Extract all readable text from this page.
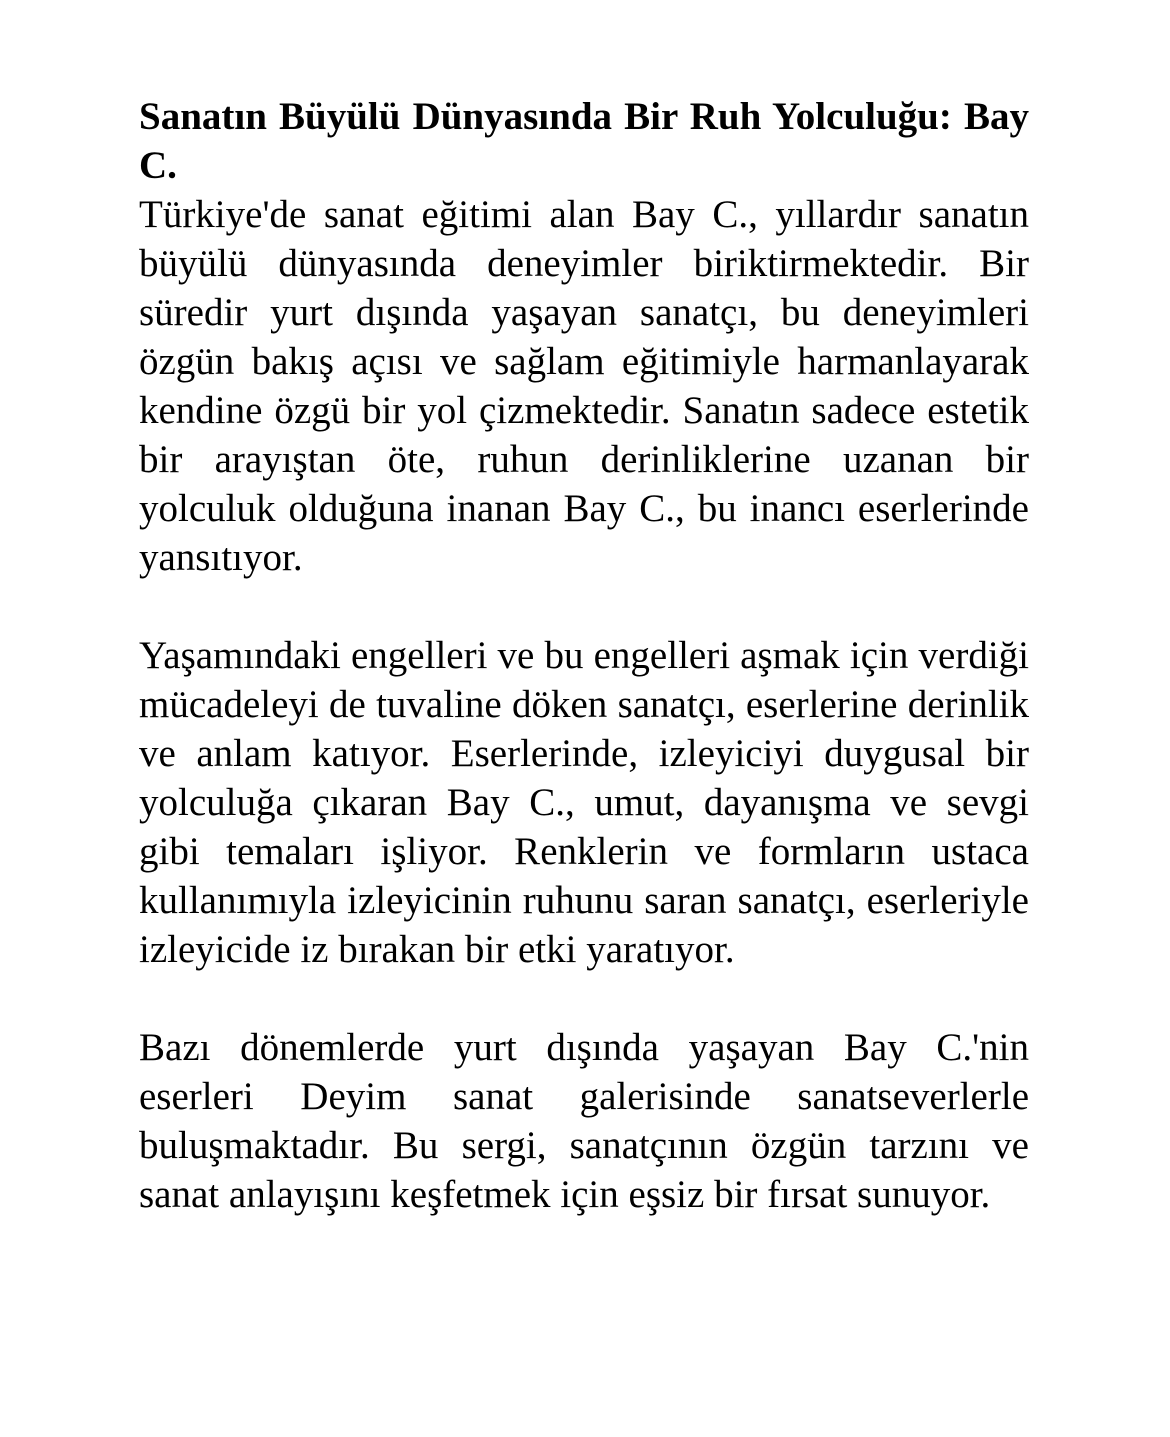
Sanatın Büyülü Dünyasında Bir Ruh Yolculuğu: Bay C.

Türkiye'de sanat eğitimi alan Bay C., yıllardır sanatın büyülü dünyasında deneyimler biriktirmektedir. Bir süredir yurt dışında yaşayan sanatçı, bu deneyimleri özgün bakış açısı ve sağlam eğitimiyle harmanlayarak kendine özgü bir yol çizmektedir. Sanatın sadece estetik bir arayıştan öte, ruhun derinliklerine uzanan bir yolculuk olduğuna inanan Bay C., bu inancı eserlerinde yansıtıyor.

Yaşamındaki engelleri ve bu engelleri aşmak için verdiği mücadeleyi de tuvaline döken sanatçı, eserlerine derinlik ve anlam katıyor. Eserlerinde, izleyiciyi duygusal bir yolculuğa çıkaran Bay C., umut, dayanışma ve sevgi gibi temaları işliyor. Renklerin ve formların ustaca kullanımıyla izleyicinin ruhunu saran sanatçı, eserleriyle izleyicide iz bırakan bir etki yaratıyor.

Bazı dönemlerde yurt dışında yaşayan Bay C.'nin eserleri Deyim sanat galerisinde sanatseverlerle buluşmaktadır. Bu sergi, sanatçının özgün tarzını ve sanat anlayışını keşfetmek için eşsiz bir fırsat sunuyor.
